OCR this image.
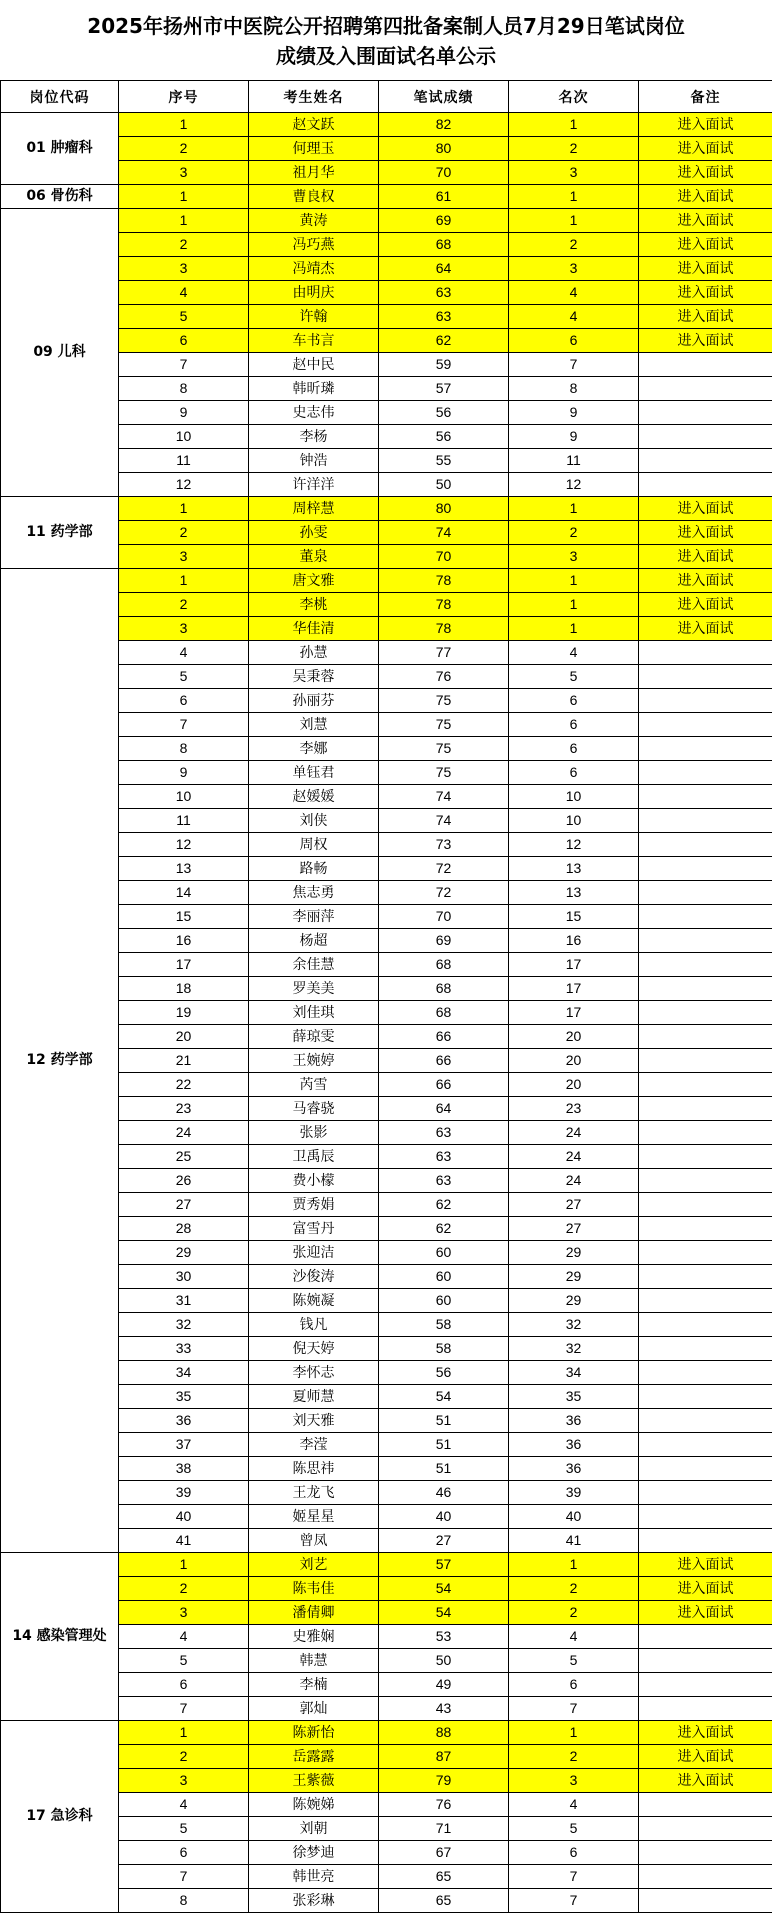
2025年扬州市中医院公开招聘第四批备案制人员7月29日笔试岗位
成绩及入围面试名单公示
岗位代码	序号	考生姓名	笔试成绩	名次	备注
01 肿瘤科	1	赵文跃	82	1	进入面试
	2	何理玉	80	2	进入面试
	3	祖月华	70	3	进入面试
06 骨伤科	1	曹良权	61	1	进入面试
09 儿科	1	黄涛	69	1	进入面试
	2	冯巧燕	68	2	进入面试
	3	冯靖杰	64	3	进入面试
	4	由明庆	63	4	进入面试
	5	许翰	63	4	进入面试
	6	车书言	62	6	进入面试
	7	赵中民	59	7	
	8	韩昕璘	57	8	
	9	史志伟	56	9	
	10	李杨	56	9	
	11	钟浩	55	11	
	12	许洋洋	50	12	
11 药学部	1	周梓慧	80	1	进入面试
	2	孙雯	74	2	进入面试
	3	董泉	70	3	进入面试
12 药学部	1	唐文雅	78	1	进入面试
	2	李桃	78	1	进入面试
	3	华佳清	78	1	进入面试
	4	孙慧	77	4	
	5	吴秉蓉	76	5	
	6	孙丽芬	75	6	
	7	刘慧	75	6	
	8	李娜	75	6	
	9	单钰君	75	6	
	10	赵媛媛	74	10	
	11	刘侠	74	10	
	12	周权	73	12	
	13	路畅	72	13	
	14	焦志勇	72	13	
	15	李丽萍	70	15	
	16	杨超	69	16	
	17	余佳慧	68	17	
	18	罗美美	68	17	
	19	刘佳琪	68	17	
	20	薛琼雯	66	20	
	21	王婉婷	66	20	
	22	芮雪	66	20	
	23	马睿骁	64	23	
	24	张影	63	24	
	25	卫禹辰	63	24	
	26	费小檬	63	24	
	27	贾秀娟	62	27	
	28	富雪丹	62	27	
	29	张迎洁	60	29	
	30	沙俊涛	60	29	
	31	陈婉凝	60	29	
	32	钱凡	58	32	
	33	倪天婷	58	32	
	34	李怀志	56	34	
	35	夏师慧	54	35	
	36	刘天雅	51	36	
	37	李滢	51	36	
	38	陈思祎	51	36	
	39	王龙飞	46	39	
	40	姬星星	40	40	
	41	曾凤	27	41	
14 感染管理处	1	刘艺	57	1	进入面试
	2	陈韦佳	54	2	进入面试
	3	潘倩卿	54	2	进入面试
	4	史雅娴	53	4	
	5	韩慧	50	5	
	6	李楠	49	6	
	7	郭灿	43	7	
17 急诊科	1	陈新怡	88	1	进入面试
	2	岳露露	87	2	进入面试
	3	王紫薇	79	3	进入面试
	4	陈婉娣	76	4	
	5	刘朝	71	5	
	6	徐梦迪	67	6	
	7	韩世亮	65	7	
	8	张彩琳	65	7	
